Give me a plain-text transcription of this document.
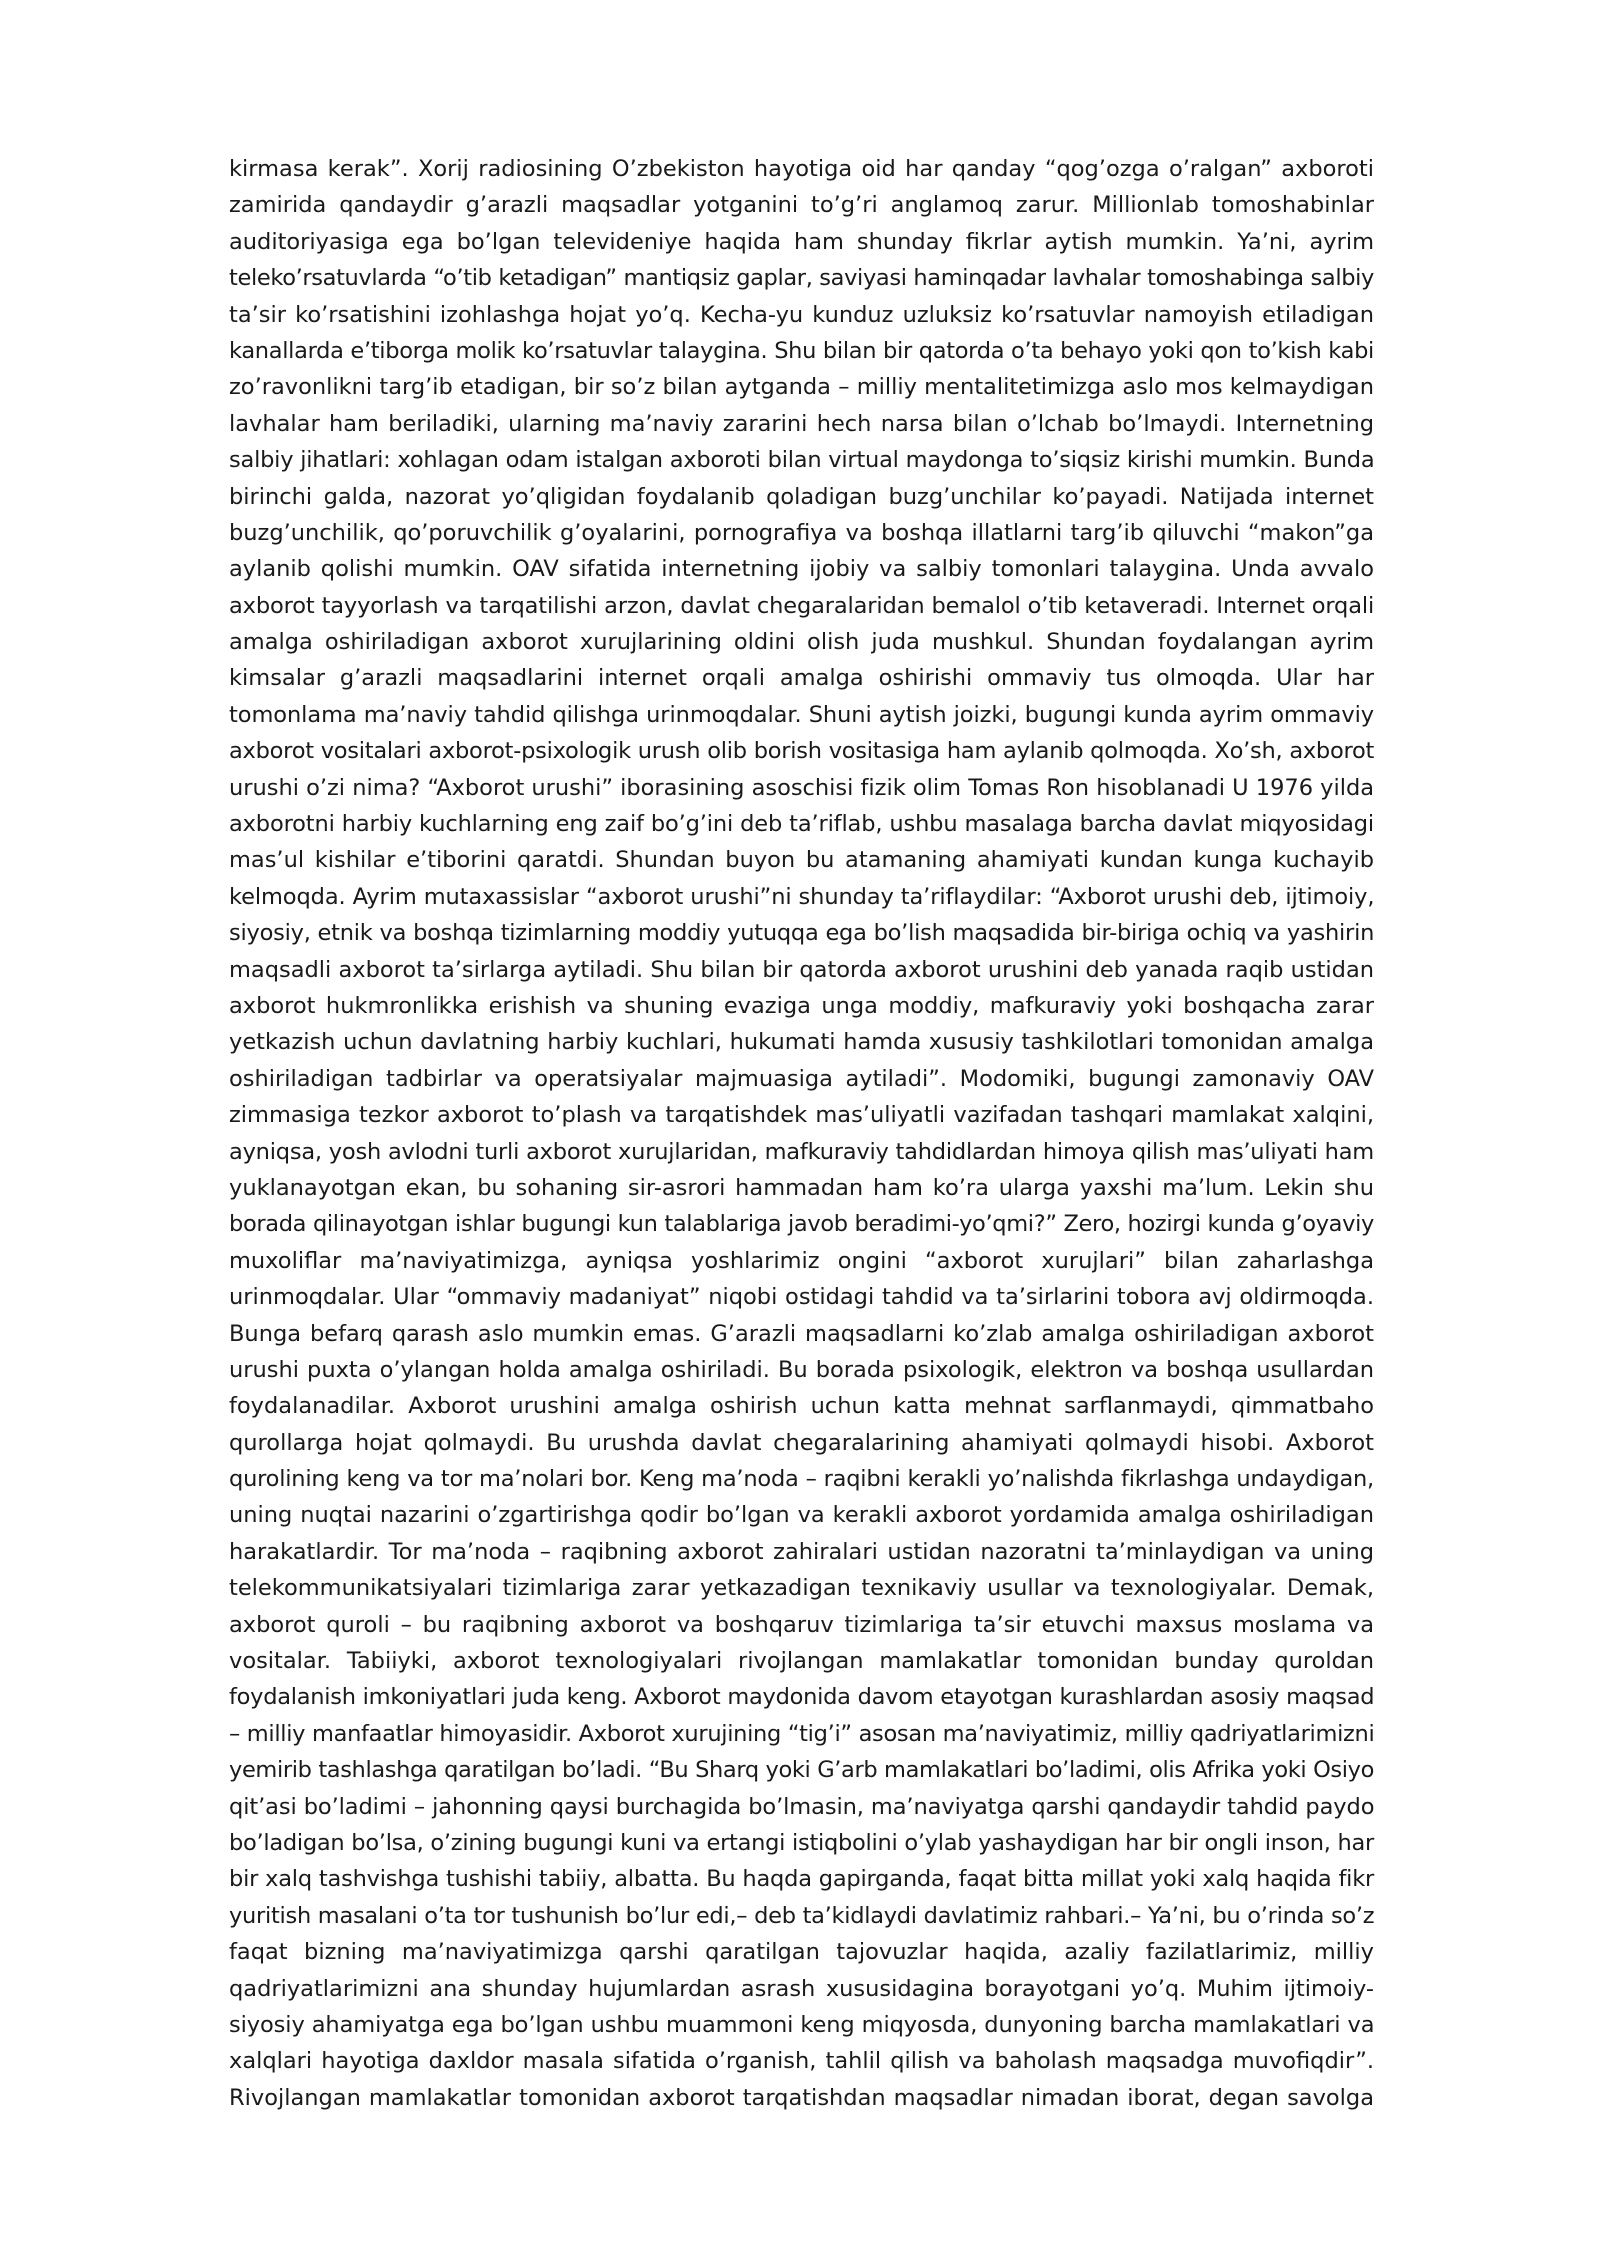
kirmasa kerak”. Xorij radiosining O’zbekiston hayotiga oid har qanday “qog’ozga o’ralgan” axboroti
zamirida qandaydir g’arazli maqsadlar yotganini to’g’ri anglamoq zarur. Millionlab tomoshabinlar
auditoriyasiga ega bo’lgan televideniye haqida ham shunday fikrlar aytish mumkin. Ya’ni, ayrim
teleko’rsatuvlarda “o’tib ketadigan” mantiqsiz gaplar, saviyasi haminqadar lavhalar tomoshabinga salbiy
ta’sir ko’rsatishini izohlashga hojat yo’q. Kecha-yu kunduz uzluksiz ko’rsatuvlar namoyish etiladigan
kanallarda e’tiborga molik ko’rsatuvlar talaygina. Shu bilan bir qatorda o’ta behayo yoki qon to’kish kabi
zo’ravonlikni targ’ib etadigan, bir so’z bilan aytganda – milliy mentalitetimizga aslo mos kelmaydigan
lavhalar ham beriladiki, ularning ma’naviy zararini hech narsa bilan o’lchab bo’lmaydi. Internetning
salbiy jihatlari: xohlagan odam istalgan axboroti bilan virtual maydonga to’siqsiz kirishi mumkin. Bunda
birinchi galda, nazorat yo’qligidan foydalanib qoladigan buzg’unchilar ko’payadi. Natijada internet
buzg’unchilik, qo’poruvchilik g’oyalarini, pornografiya va boshqa illatlarni targ’ib qiluvchi “makon”ga
aylanib qolishi mumkin. OAV sifatida internetning ijobiy va salbiy tomonlari talaygina. Unda avvalo
axborot tayyorlash va tarqatilishi arzon, davlat chegaralaridan bemalol o’tib ketaveradi. Internet orqali
amalga oshiriladigan axborot xurujlarining oldini olish juda mushkul. Shundan foydalangan ayrim
kimsalar g’arazli maqsadlarini internet orqali amalga oshirishi ommaviy tus olmoqda. Ular har
tomonlama ma’naviy tahdid qilishga urinmoqdalar. Shuni aytish joizki, bugungi kunda ayrim ommaviy
axborot vositalari axborot-psixologik urush olib borish vositasiga ham aylanib qolmoqda. Xo’sh, axborot
urushi o’zi nima? “Axborot urushi” iborasining asoschisi fizik olim Tomas Ron hisoblanadi U 1976 yilda
axborotni harbiy kuchlarning eng zaif bo’g’ini deb ta’riflab, ushbu masalaga barcha davlat miqyosidagi
mas’ul kishilar e’tiborini qaratdi. Shundan buyon bu atamaning ahamiyati kundan kunga kuchayib
kelmoqda. Ayrim mutaxassislar “axborot urushi”ni shunday ta’riflaydilar: “Axborot urushi deb, ijtimoiy,
siyosiy, etnik va boshqa tizimlarning moddiy yutuqqa ega bo’lish maqsadida bir-biriga ochiq va yashirin
maqsadli axborot ta’sirlarga aytiladi. Shu bilan bir qatorda axborot urushini deb yanada raqib ustidan
axborot hukmronlikka erishish va shuning evaziga unga moddiy, mafkuraviy yoki boshqacha zarar
yetkazish uchun davlatning harbiy kuchlari, hukumati hamda xususiy tashkilotlari tomonidan amalga
oshiriladigan tadbirlar va operatsiyalar majmuasiga aytiladi”. Modomiki, bugungi zamonaviy OAV
zimmasiga tezkor axborot to’plash va tarqatishdek mas’uliyatli vazifadan tashqari mamlakat xalqini,
ayniqsa, yosh avlodni turli axborot xurujlaridan, mafkuraviy tahdidlardan himoya qilish mas’uliyati ham
yuklanayotgan ekan, bu sohaning sir-asrori hammadan ham ko’ra ularga yaxshi ma’lum. Lekin shu
borada qilinayotgan ishlar bugungi kun talablariga javob beradimi-yo’qmi?” Zero, hozirgi kunda g’oyaviy
muxoliflar ma’naviyatimizga, ayniqsa yoshlarimiz ongini “axborot xurujlari” bilan zaharlashga
urinmoqdalar. Ular “ommaviy madaniyat” niqobi ostidagi tahdid va ta’sirlarini tobora avj oldirmoqda.
Bunga befarq qarash aslo mumkin emas. G’arazli maqsadlarni ko’zlab amalga oshiriladigan axborot
urushi puxta o’ylangan holda amalga oshiriladi. Bu borada psixologik, elektron va boshqa usullardan
foydalanadilar. Axborot urushini amalga oshirish uchun katta mehnat sarflanmaydi, qimmatbaho
qurollarga hojat qolmaydi. Bu urushda davlat chegaralarining ahamiyati qolmaydi hisobi. Axborot
qurolining keng va tor ma’nolari bor. Keng ma’noda – raqibni kerakli yo’nalishda fikrlashga undaydigan,
uning nuqtai nazarini o’zgartirishga qodir bo’lgan va kerakli axborot yordamida amalga oshiriladigan
harakatlardir. Tor ma’noda – raqibning axborot zahiralari ustidan nazoratni ta’minlaydigan va uning
telekommunikatsiyalari tizimlariga zarar yetkazadigan texnikaviy usullar va texnologiyalar. Demak,
axborot quroli – bu raqibning axborot va boshqaruv tizimlariga ta’sir etuvchi maxsus moslama va
vositalar. Tabiiyki, axborot texnologiyalari rivojlangan mamlakatlar tomonidan bunday quroldan
foydalanish imkoniyatlari juda keng. Axborot maydonida davom etayotgan kurashlardan asosiy maqsad
– milliy manfaatlar himoyasidir. Axborot xurujining “tig’i” asosan ma’naviyatimiz, milliy qadriyatlarimizni
yemirib tashlashga qaratilgan bo’ladi. “Bu Sharq yoki G’arb mamlakatlari bo’ladimi, olis Afrika yoki Osiyo
qit’asi bo’ladimi – jahonning qaysi burchagida bo’lmasin, ma’naviyatga qarshi qandaydir tahdid paydo
bo’ladigan bo’lsa, o’zining bugungi kuni va ertangi istiqbolini o’ylab yashaydigan har bir ongli inson, har
bir xalq tashvishga tushishi tabiiy, albatta. Bu haqda gapirganda, faqat bitta millat yoki xalq haqida fikr
yuritish masalani o’ta tor tushunish bo’lur edi,– deb ta’kidlaydi davlatimiz rahbari.– Ya’ni, bu o’rinda so’z
faqat bizning ma’naviyatimizga qarshi qaratilgan tajovuzlar haqida, azaliy fazilatlarimiz, milliy
qadriyatlarimizni ana shunday hujumlardan asrash xususidagina borayotgani yo’q. Muhim ijtimoiy-
siyosiy ahamiyatga ega bo’lgan ushbu muammoni keng miqyosda, dunyoning barcha mamlakatlari va
xalqlari hayotiga daxldor masala sifatida o’rganish, tahlil qilish va baholash maqsadga muvofiqdir”.
Rivojlangan mamlakatlar tomonidan axborot tarqatishdan maqsadlar nimadan iborat, degan savolga
